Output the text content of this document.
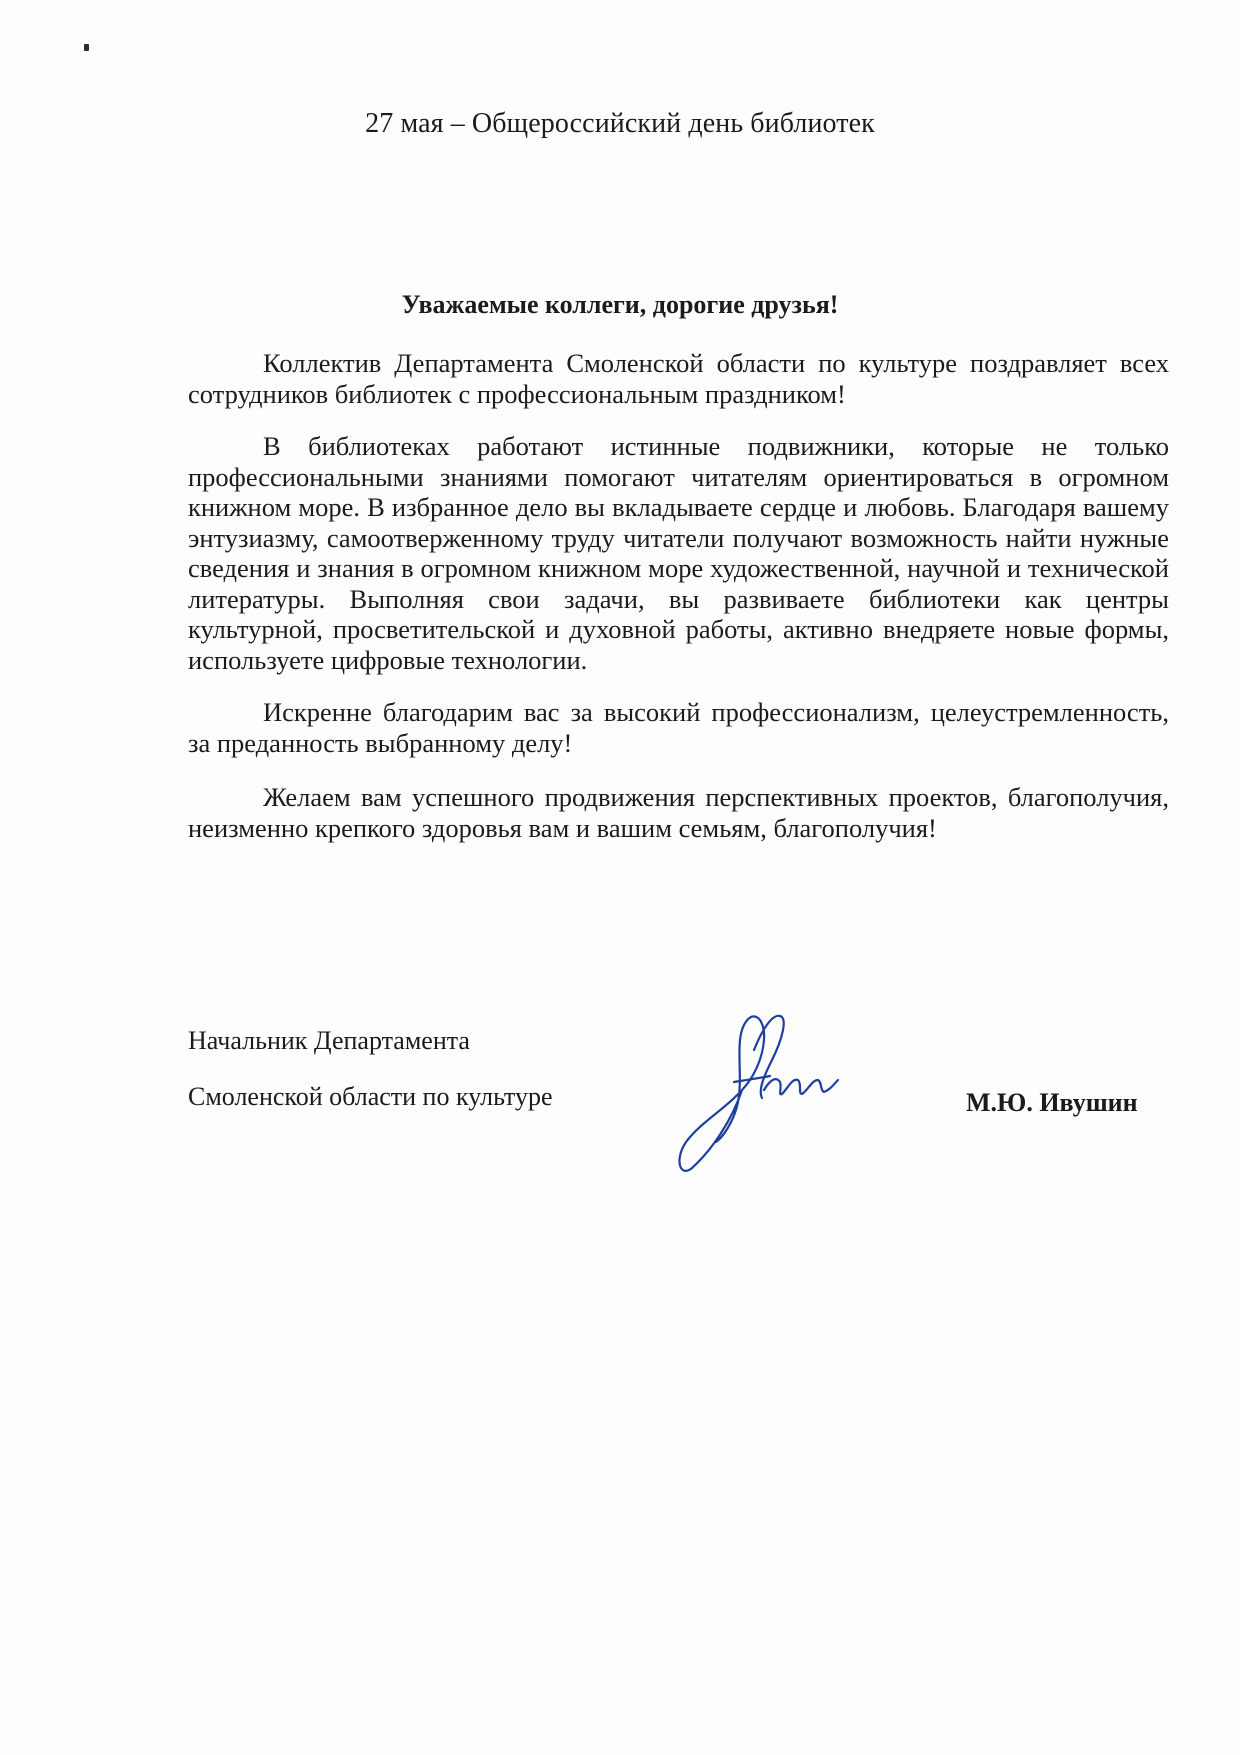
27 мая – Общероссийский день библиотек
Уважаемые коллеги, дорогие друзья!

Коллектив Департамента Смоленской области по культуре поздравляет всех сотрудников библиотек с профессиональным праздником!

В библиотеках работают истинные подвижники, которые не только профессиональными знаниями помогают читателям ориентироваться в огромном книжном море. В избранное дело вы вкладываете сердце и любовь. Благодаря вашему энтузиазму, самоотверженному труду читатели получают возможность найти нужные сведения и знания в огромном книжном море художественной, научной и технической литературы. Выполняя свои задачи, вы развиваете библиотеки как центры культурной, просветительской и духовной работы, активно внедряете новые формы, используете цифровые технологии.

Искренне благодарим вас за высокий профессионализм, целеустремленность, за преданность выбранному делу!

Желаем вам успешного продвижения перспективных проектов, благополучия, неизменно крепкого здоровья вам и вашим семьям, благополучия!

Начальник Департамента
Смоленской области по культуре	М.Ю. Ивушин
